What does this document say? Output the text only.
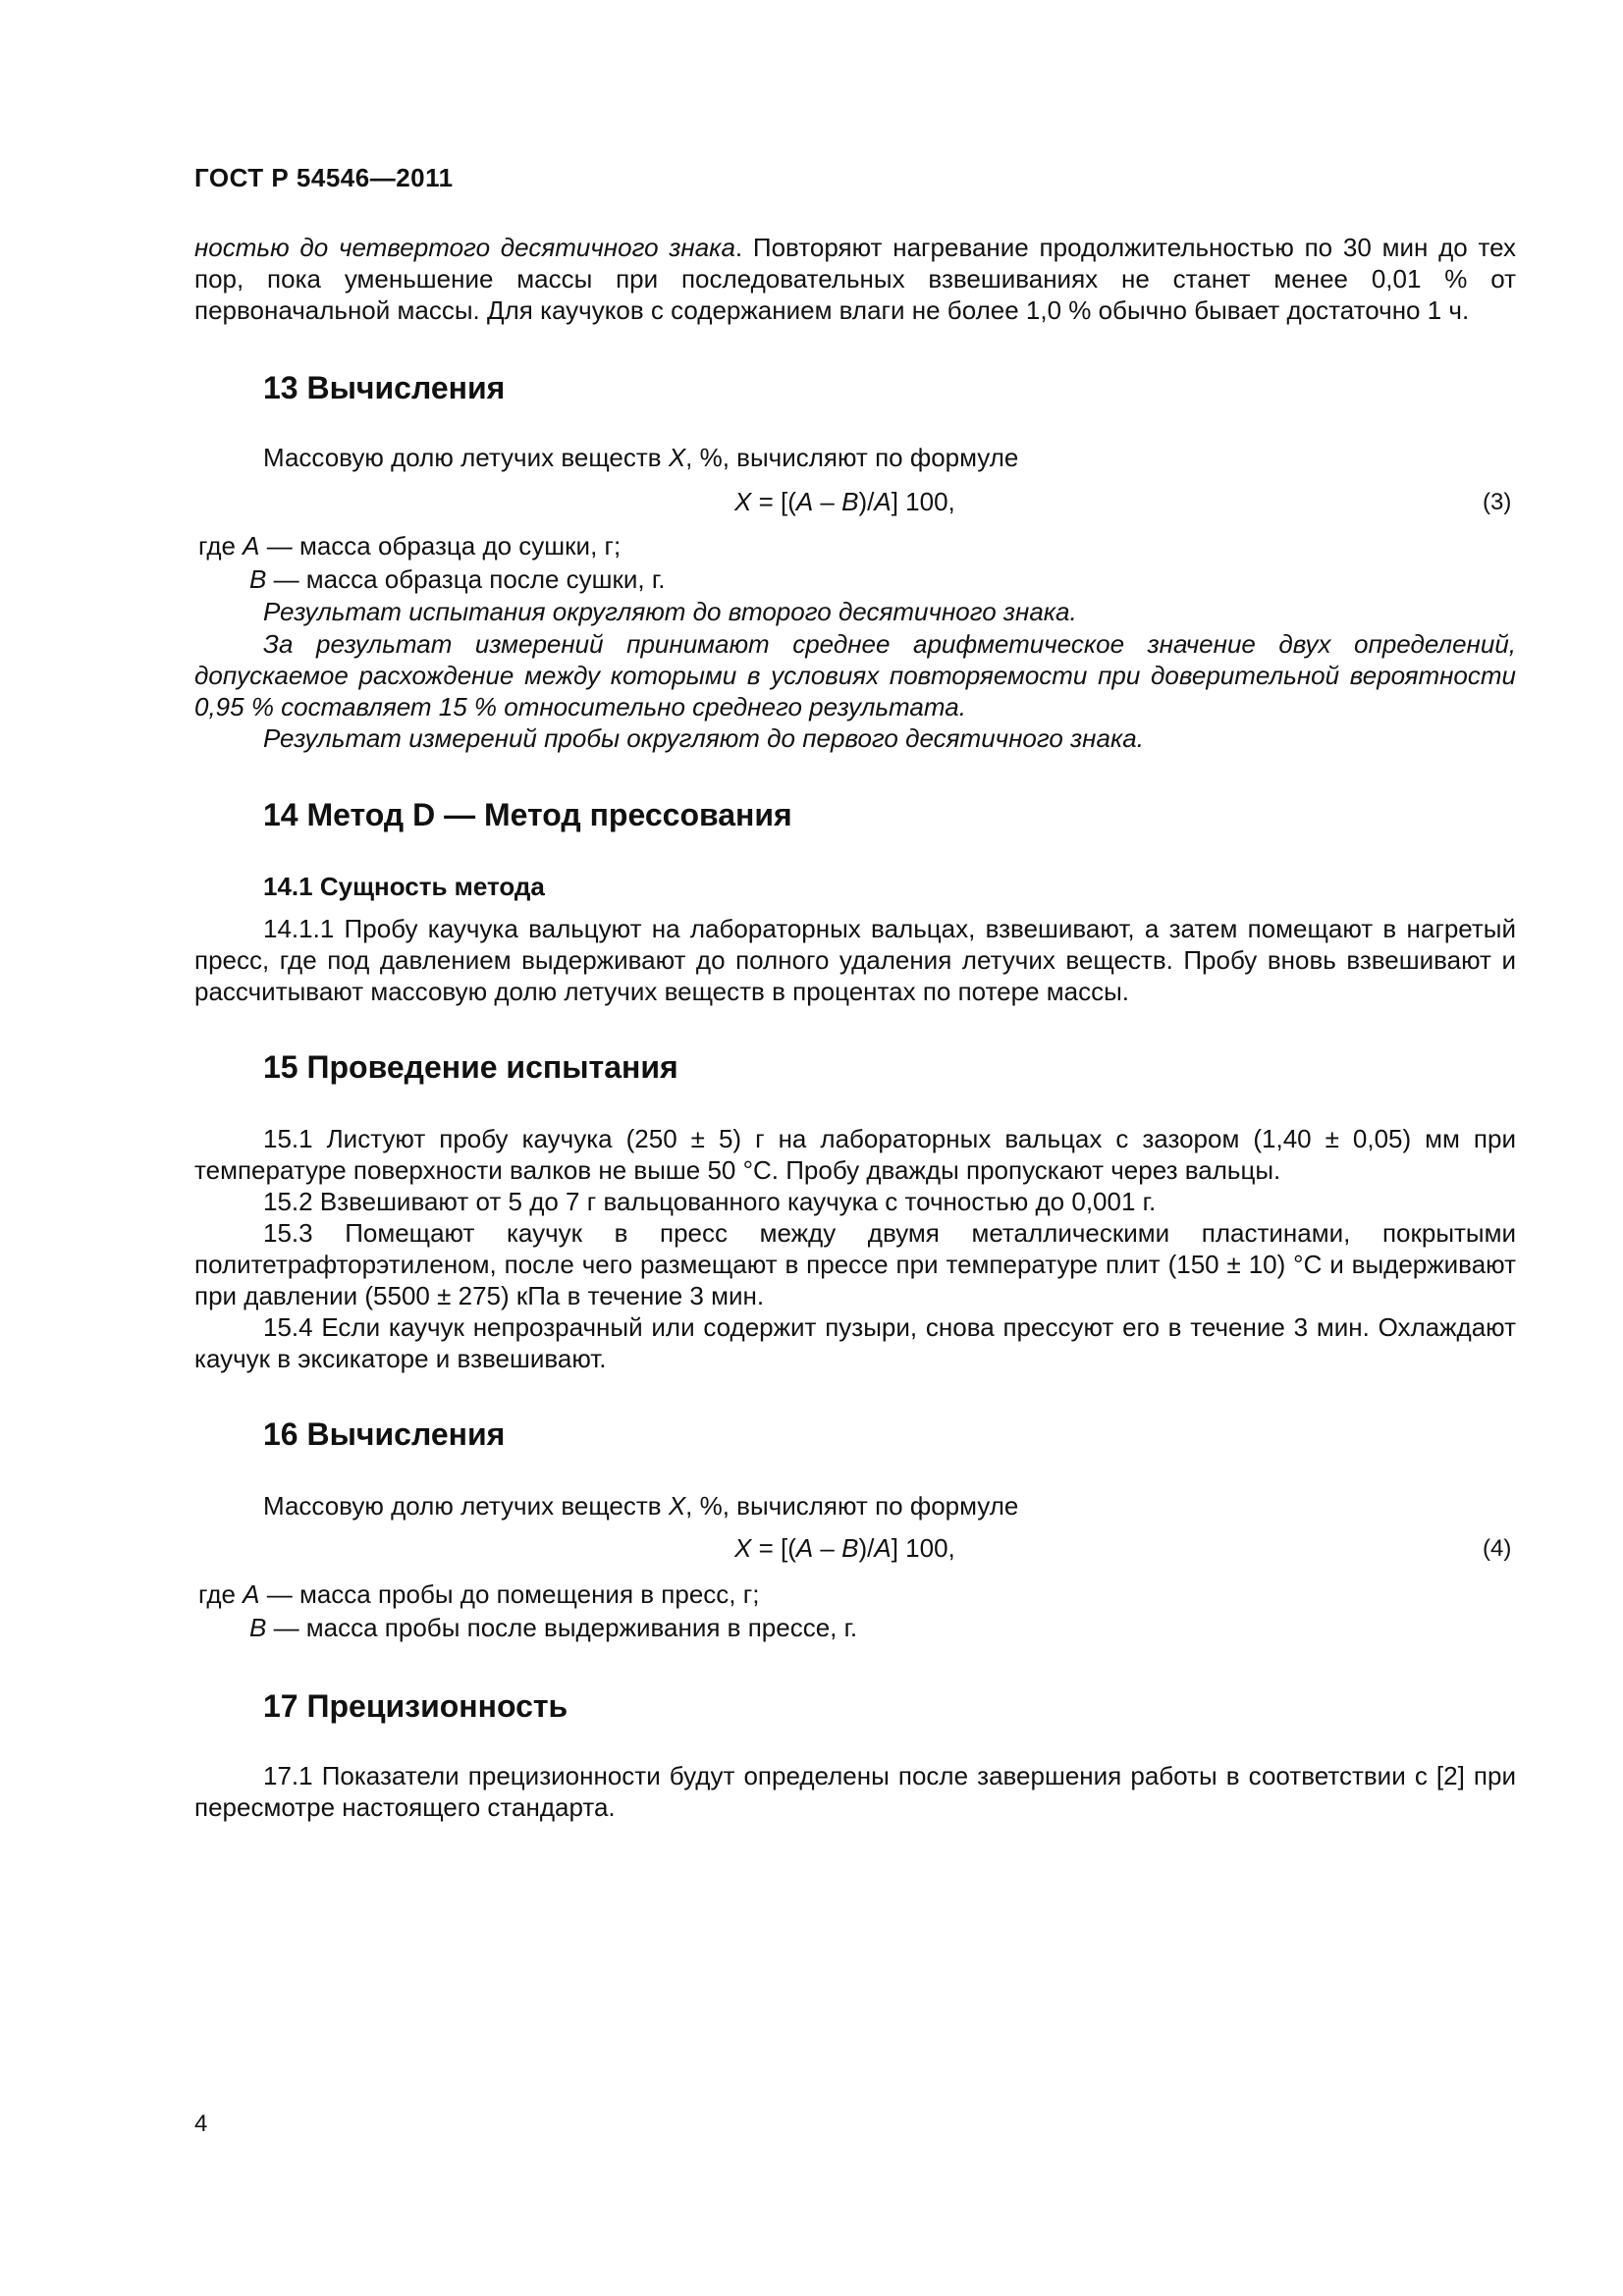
ГОСТ Р 54546—2011
ностью до четвертого десятичного знака. Повторяют нагревание продолжительностью по 30 мин до тех пор, пока уменьшение массы при последовательных взвешиваниях не станет менее 0,01 % от первоначальной массы. Для каучуков с содержанием влаги не более 1,0 % обычно бывает достаточно 1 ч.
13 Вычисления
Массовую долю летучих веществ X, %, вычисляют по формуле
X = [(A – B)/A] 100,	(3)
где A — масса образца до сушки, г;
B — масса образца после сушки, г.
Результат испытания округляют до второго десятичного знака.
За результат измерений принимают среднее арифметическое значение двух определений, допускаемое расхождение между которыми в условиях повторяемости при доверительной вероятности 0,95 % составляет 15 % относительно среднего результата.
Результат измерений пробы округляют до первого десятичного знака.
14 Метод D — Метод прессования
14.1 Сущность метода
14.1.1 Пробу каучука вальцуют на лабораторных вальцах, взвешивают, а затем помещают в нагретый пресс, где под давлением выдерживают до полного удаления летучих веществ. Пробу вновь взвешивают и рассчитывают массовую долю летучих веществ в процентах по потере массы.
15 Проведение испытания
15.1 Листуют пробу каучука (250 ± 5) г на лабораторных вальцах с зазором (1,40 ± 0,05) мм при температуре поверхности валков не выше 50 °С. Пробу дважды пропускают через вальцы.
15.2 Взвешивают от 5 до 7 г вальцованного каучука с точностью до 0,001 г.
15.3 Помещают каучук в пресс между двумя металлическими пластинами, покрытыми политетрафторэтиленом, после чего размещают в прессе при температуре плит (150 ± 10) °С и выдерживают при давлении (5500 ± 275) кПа в течение 3 мин.
15.4 Если каучук непрозрачный или содержит пузыри, снова прессуют его в течение 3 мин. Охлаждают каучук в эксикаторе и взвешивают.
16 Вычисления
Массовую долю летучих веществ X, %, вычисляют по формуле
X = [(A – B)/A] 100,	(4)
где A — масса пробы до помещения в пресс, г;
B — масса пробы после выдерживания в прессе, г.
17 Прецизионность
17.1 Показатели прецизионности будут определены после завершения работы в соответствии с [2] при пересмотре настоящего стандарта.
4
